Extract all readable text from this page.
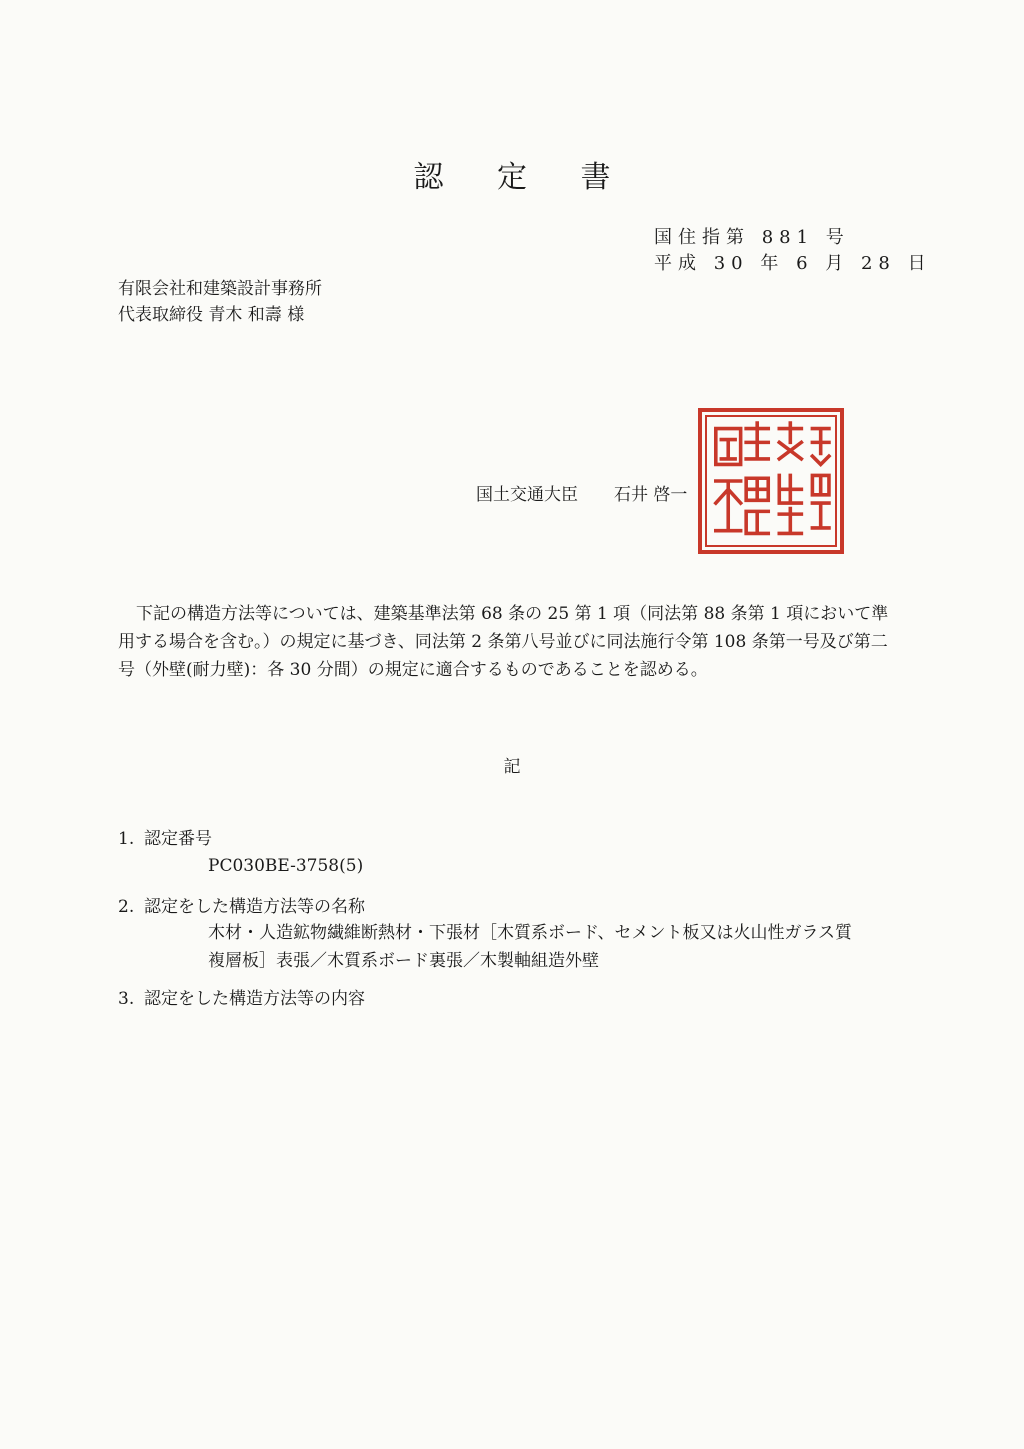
認 定 書
国住指第 881 号
平成 30 年 6 月 28 日
有限会社和建築設計事務所
代表取締役 青木 和壽 様
国土交通大臣 石井 啓一
下記の構造方法等については、建築基準法第 68 条の 25 第 1 項（同法第 88 条第 1 項において準用する場合を含む。）の規定に基づき、同法第 2 条第八号並びに同法施行令第 108 条第一号及び第二号（外壁(耐力壁)：各 30 分間）の規定に適合するものであることを認める。
記
1. 認定番号
PC030BE-3758(5)
2. 認定をした構造方法等の名称
木材・人造鉱物繊維断熱材・下張材［木質系ボード、セメント板又は火山性ガラス質複層板］表張／木質系ボード裏張／木製軸組造外壁
3. 認定をした構造方法等の内容
